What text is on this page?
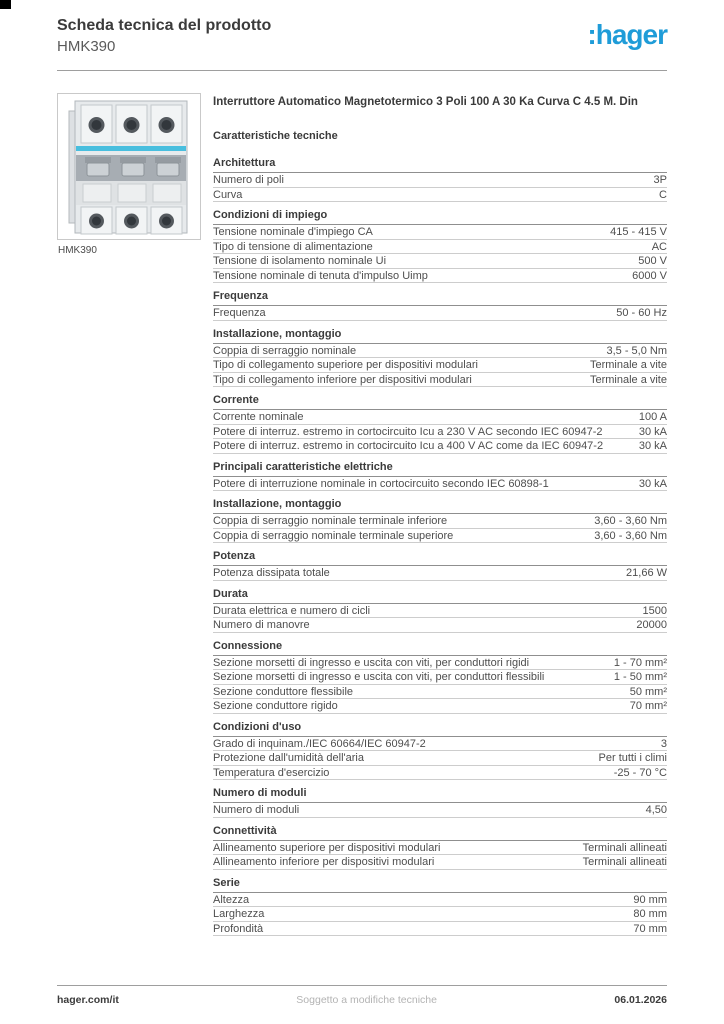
Scheda tecnica del prodotto
HMK390	:hager
HMK390
Interruttore Automatico Magnetotermico 3 Poli 100 A 30 Ka Curva C 4.5 M. Din
Caratteristiche tecniche
Architettura
Numero di poli	3P
Curva	C
Condizioni di impiego
Tensione nominale d'impiego CA	415 - 415 V
Tipo di tensione di alimentazione	AC
Tensione di isolamento nominale Ui	500 V
Tensione nominale di tenuta d'impulso Uimp	6000 V
Frequenza
Frequenza	50 - 60 Hz
Installazione, montaggio
Coppia di serraggio nominale	3,5 - 5,0 Nm
Tipo di collegamento superiore per dispositivi modulari	Terminale a vite
Tipo di collegamento inferiore per dispositivi modulari	Terminale a vite
Corrente
Corrente nominale	100 A
Potere di interruz. estremo in cortocircuito Icu a 230 V AC secondo IEC 60947-2	30 kA
Potere di interruz. estremo in cortocircuito Icu a 400 V AC come da IEC 60947-2	30 kA
Principali caratteristiche elettriche
Potere di interruzione nominale in cortocircuito secondo IEC 60898-1	30 kA
Installazione, montaggio
Coppia di serraggio nominale terminale inferiore	3,60 - 3,60 Nm
Coppia di serraggio nominale terminale superiore	3,60 - 3,60 Nm
Potenza
Potenza dissipata totale	21,66 W
Durata
Durata elettrica e numero di cicli	1500
Numero di manovre	20000
Connessione
Sezione morsetti di ingresso e uscita con viti, per conduttori rigidi	1 - 70 mm²
Sezione morsetti di ingresso e uscita con viti, per conduttori flessibili	1 - 50 mm²
Sezione conduttore flessibile	50 mm²
Sezione conduttore rigido	70 mm²
Condizioni d'uso
Grado di inquinam./IEC 60664/IEC 60947-2	3
Protezione dall'umidità dell'aria	Per tutti i climi
Temperatura d'esercizio	-25 - 70 °C
Numero di moduli
Numero di moduli	4,50
Connettività
Allineamento superiore per dispositivi modulari	Terminali allineati
Allineamento inferiore per dispositivi modulari	Terminali allineati
Serie
Altezza	90 mm
Larghezza	80 mm
Profondità	70 mm
hager.com/it	Soggetto a modifiche tecniche	06.01.2026
